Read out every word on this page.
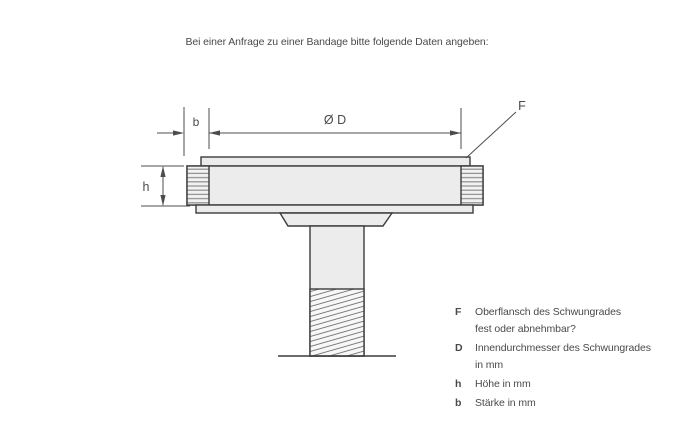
Bei einer Anfrage zu einer Bandage bitte folgende Daten angeben:
b	Ø D
F
h
F	Oberflansch des Schwungrades
fest oder abnehmbar?
D	Innendurchmesser des Schwungrades
in mm
h	Höhe in mm
b	Stärke in mm
